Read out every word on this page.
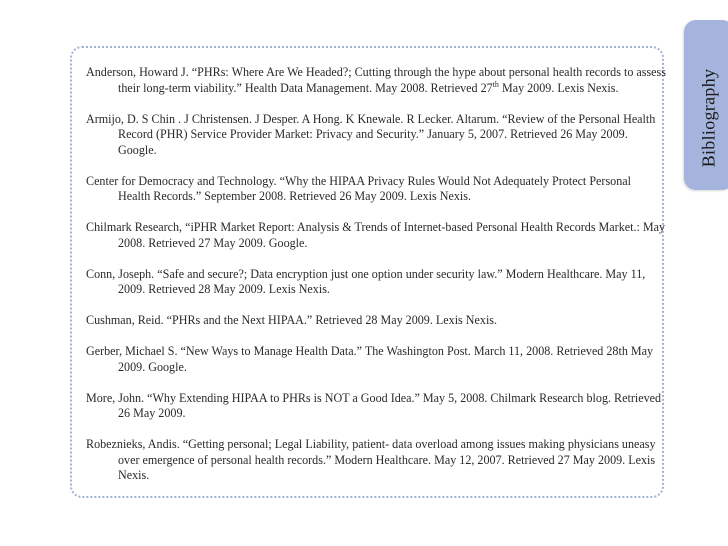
Anderson, Howard J. “PHRs: Where Are We Headed?; Cutting through the hype about personal health records to assess their long-term viability.” Health Data Management. May 2008. Retrieved 27th May 2009. Lexis Nexis.
Armijo, D. S Chin . J Christensen. J Desper. A Hong. K Knewale. R Lecker. Altarum. “Review of the Personal Health Record (PHR) Service Provider Market: Privacy and Security.” January 5, 2007. Retrieved 26 May 2009. Google.
Center for Democracy and Technology. “Why the HIPAA Privacy Rules Would Not Adequately Protect Personal Health Records.” September 2008. Retrieved 26 May 2009. Lexis Nexis.
Chilmark Research, “iPHR Market Report: Analysis & Trends of Internet-based Personal Health Records Market.: May 2008. Retrieved 27 May 2009. Google.
Conn, Joseph. “Safe and secure?; Data encryption just one option under security law.” Modern Healthcare. May 11, 2009. Retrieved 28 May 2009. Lexis Nexis.
Cushman, Reid. “PHRs and the Next HIPAA.” Retrieved 28 May 2009. Lexis Nexis.
Gerber, Michael S. “New Ways to Manage Health Data.” The Washington Post. March 11, 2008. Retrieved 28th May 2009. Google.
More, John. “Why Extending HIPAA to PHRs is NOT a Good Idea.” May 5, 2008. Chilmark Research blog. Retrieved 26 May 2009.
Robeznieks, Andis. “Getting personal; Legal Liability, patient- data overload among issues making physicians uneasy over emergence of personal health records.” Modern Healthcare. May 12, 2007. Retrieved 27 May 2009. Lexis Nexis.
Bibliography
